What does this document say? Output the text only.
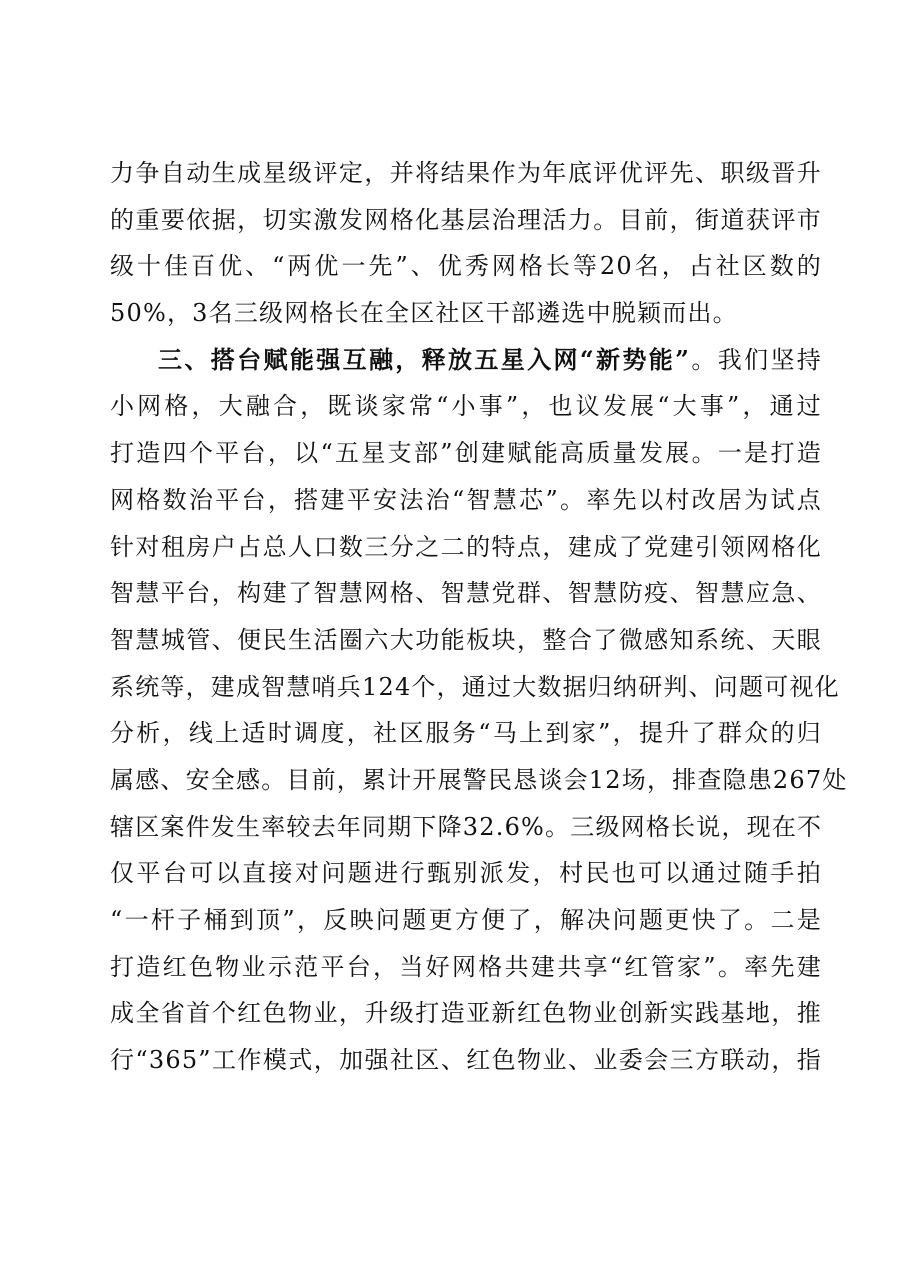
力争自动生成星级评定，并将结果作为年底评优评先、职级晋升
的重要依据，切实激发网格化基层治理活力。目前，街道获评市
级十佳百优、“两优一先”、优秀网格长等20名，占社区数的
50%，3名三级网格长在全区社区干部遴选中脱颖而出。
三、搭台赋能强互融，释放五星入网“新势能”。我们坚持
小网格，大融合，既谈家常“小事”，也议发展“大事”，通过
打造四个平台，以“五星支部”创建赋能高质量发展。一是打造
网格数治平台，搭建平安法治“智慧芯”。率先以村改居为试点
针对租房户占总人口数三分之二的特点，建成了党建引领网格化
智慧平台，构建了智慧网格、智慧党群、智慧防疫、智慧应急、
智慧城管、便民生活圈六大功能板块，整合了微感知系统、天眼
系统等，建成智慧哨兵124个，通过大数据归纳研判、问题可视化
分析，线上适时调度，社区服务“马上到家”，提升了群众的归
属感、安全感。目前，累计开展警民恳谈会12场，排查隐患267处
辖区案件发生率较去年同期下降32.6%。三级网格长说，现在不
仅平台可以直接对问题进行甄别派发，村民也可以通过随手拍
“一杆子桶到顶”，反映问题更方便了，解决问题更快了。二是
打造红色物业示范平台，当好网格共建共享“红管家”。率先建
成全省首个红色物业，升级打造亚新红色物业创新实践基地，推
行“365”工作模式，加强社区、红色物业、业委会三方联动，指
